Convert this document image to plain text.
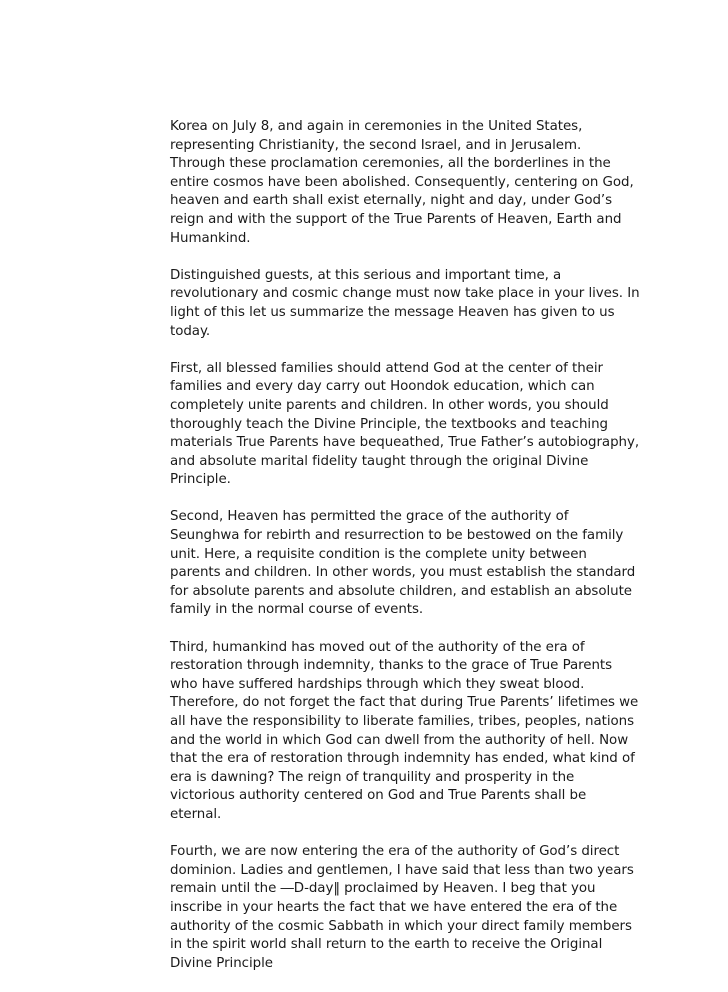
Korea on July 8, and again in ceremonies in the United States, representing Christianity, the second Israel, and in Jerusalem. Through these proclamation ceremonies, all the borderlines in the entire cosmos have been abolished. Consequently, centering on God, heaven and earth shall exist eternally, night and day, under God’s reign and with the support of the True Parents of Heaven, Earth and Humankind.

Distinguished guests, at this serious and important time, a revolutionary and cosmic change must now take place in your lives. In light of this let us summarize the message Heaven has given to us today.

First, all blessed families should attend God at the center of their families and every day carry out Hoondok education, which can completely unite parents and children. In other words, you should thoroughly teach the Divine Principle, the textbooks and teaching materials True Parents have bequeathed, True Father’s autobiography, and absolute marital fidelity taught through the original Divine Principle.

Second, Heaven has permitted the grace of the authority of Seunghwa for rebirth and resurrection to be bestowed on the family unit. Here, a requisite condition is the complete unity between parents and children. In other words, you must establish the standard for absolute parents and absolute children, and establish an absolute family in the normal course of events.

Third, humankind has moved out of the authority of the era of restoration through indemnity, thanks to the grace of True Parents who have suffered hardships through which they sweat blood. Therefore, do not forget the fact that during True Parents’ lifetimes we all have the responsibility to liberate families, tribes, peoples, nations and the world in which God can dwell from the authority of hell. Now that the era of restoration through indemnity has ended, what kind of era is dawning? The reign of tranquility and prosperity in the victorious authority centered on God and True Parents shall be eternal.

Fourth, we are now entering the era of the authority of God’s direct dominion. Ladies and gentlemen, I have said that less than two years remain until the ―D-day‖ proclaimed by Heaven. I beg that you inscribe in your hearts the fact that we have entered the era of the authority of the cosmic Sabbath in which your direct family members in the spirit world shall return to the earth to receive the Original Divine Principle
